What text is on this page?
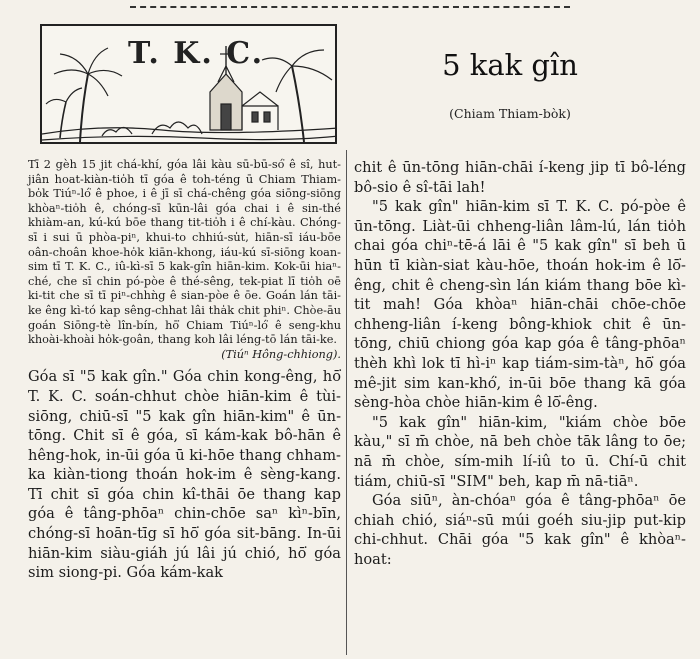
T. K. C.	5 kak gîn
(Chiam Thiam-bòk)
Tī 2 gèh 15 jit chá-khí, góa lâi kàu sū-bū-só͘ ê sî, hut-jiân hoat-kiàn-tio̍h tī góa ê toh-téng ū Chiam Thiam-bo̍k Tiúⁿ-ló͘ ê phoe, i ê jī sī chá-chêng góa siōng-siōng khòaⁿ-tio̍h ê, chóng-sī kūn-lâi góa chai i ê sin-thé khiàm-an, kú-kú bōe thang tit-tio̍h i ê chí-kàu. Chóng-sī i sui ū phòa-piⁿ, khui-to chhiú-su̍t, hiān-sī iáu-bōe oân-choân khoe-ho̍k kiān-khong, iáu-kú sī-siōng koan-sim tī T. K. C., iû-kì-sī 5 kak-gîn hiān-kim. Kok-ūi hiaⁿ-ché, che sī chin pó-pòe ê thé-sêng, tek-piat lī tio̍h oē ki-tit che sī tī piⁿ-chhǹg ê sian-pòe ê ōe. Goán lán tāi-ke êng kì-tó kap sêng-chhat lâi tha̍k chit phiⁿ. Chòe-āu goán Siōng-tè lîn-bín, hō͘ Chiam Tiúⁿ-ló͘ ê seng-khu khoài-khoài ho̍k-goân, thang koh lâi léng-tō lán tāi-ke.
(Tiúⁿ Hông-chhiong).

Góa sī "5 kak gîn." Góa chin kong-êng, hō͘ T. K. C. soán-chhut chòe hiān-kim ê tùi-siōng, chiū-sī "5 kak gîn hiān-kim" ê ūn-tōng. Chit sī ê góa, sī kám-kak bô-hān ê hêng-hok, in-ūi góa ū ki-hōe thang chham-ka kiàn-tiong thoán hok-im ê sèng-kang. Tī chit sī góa chin kî-thāi ōe thang kap góa ê tâng-phōaⁿ chin-chōe saⁿ kìⁿ-bīn, chóng-sī hoān-tīg sī hō͘ góa sit-bāng. In-ūi hiān-kim siàu-giáh jú lâi jú chió, hō͘ góa sim siong-pi. Góa kám-kak

chit ê ūn-tōng hiān-chāi í-keng jip tī bô-léng bô-sio ê sî-tāi lah!

"5 kak gîn" hiān-kim sī T. K. C. pó-pòe ê ūn-tōng. Liàt-ūi chheng-liân lâm-lú, lán tio̍h chai góa chiⁿ-tē-á lāi ê "5 kak gîn" sī beh ū hūn tī kiàn-siat kàu-hōe, thoán hok-im ê lō͘-êng, chit ê cheng-sìn lán kiám thang bōe kì-tit mah! Góa khòaⁿ hiān-chāi chōe-chōe chheng-liân í-keng bông-khiok chit ê ūn-tōng, chiū chiong góa kap góa ê tâng-phōaⁿ thèh khì lok tī hì-iⁿ kap tiám-sim-tàⁿ, hō͘ góa mê-jit sim kan-khó͘, in-ūi bōe thang kā góa sèng-hòa chòe hiān-kim ê lō͘-êng.

"5 kak gîn" hiān-kim, "kiám chòe bōe kàu," sī m̄ chòe, nā beh chòe tāk lâng to ōe; nā m̄ chòe, sím-mih lí-iû to ū. Chí-ū chit tiám, chiū-sī "SIM" beh, kap m̄ nā-tiāⁿ.

Góa siūⁿ, àn-chóaⁿ góa ê tâng-phōaⁿ ōe chiah chió, siáⁿ-sū múi goéh siu-jip put-kip chi-chhut. Chāi góa "5 kak gîn" ê khòaⁿ-hoat:
